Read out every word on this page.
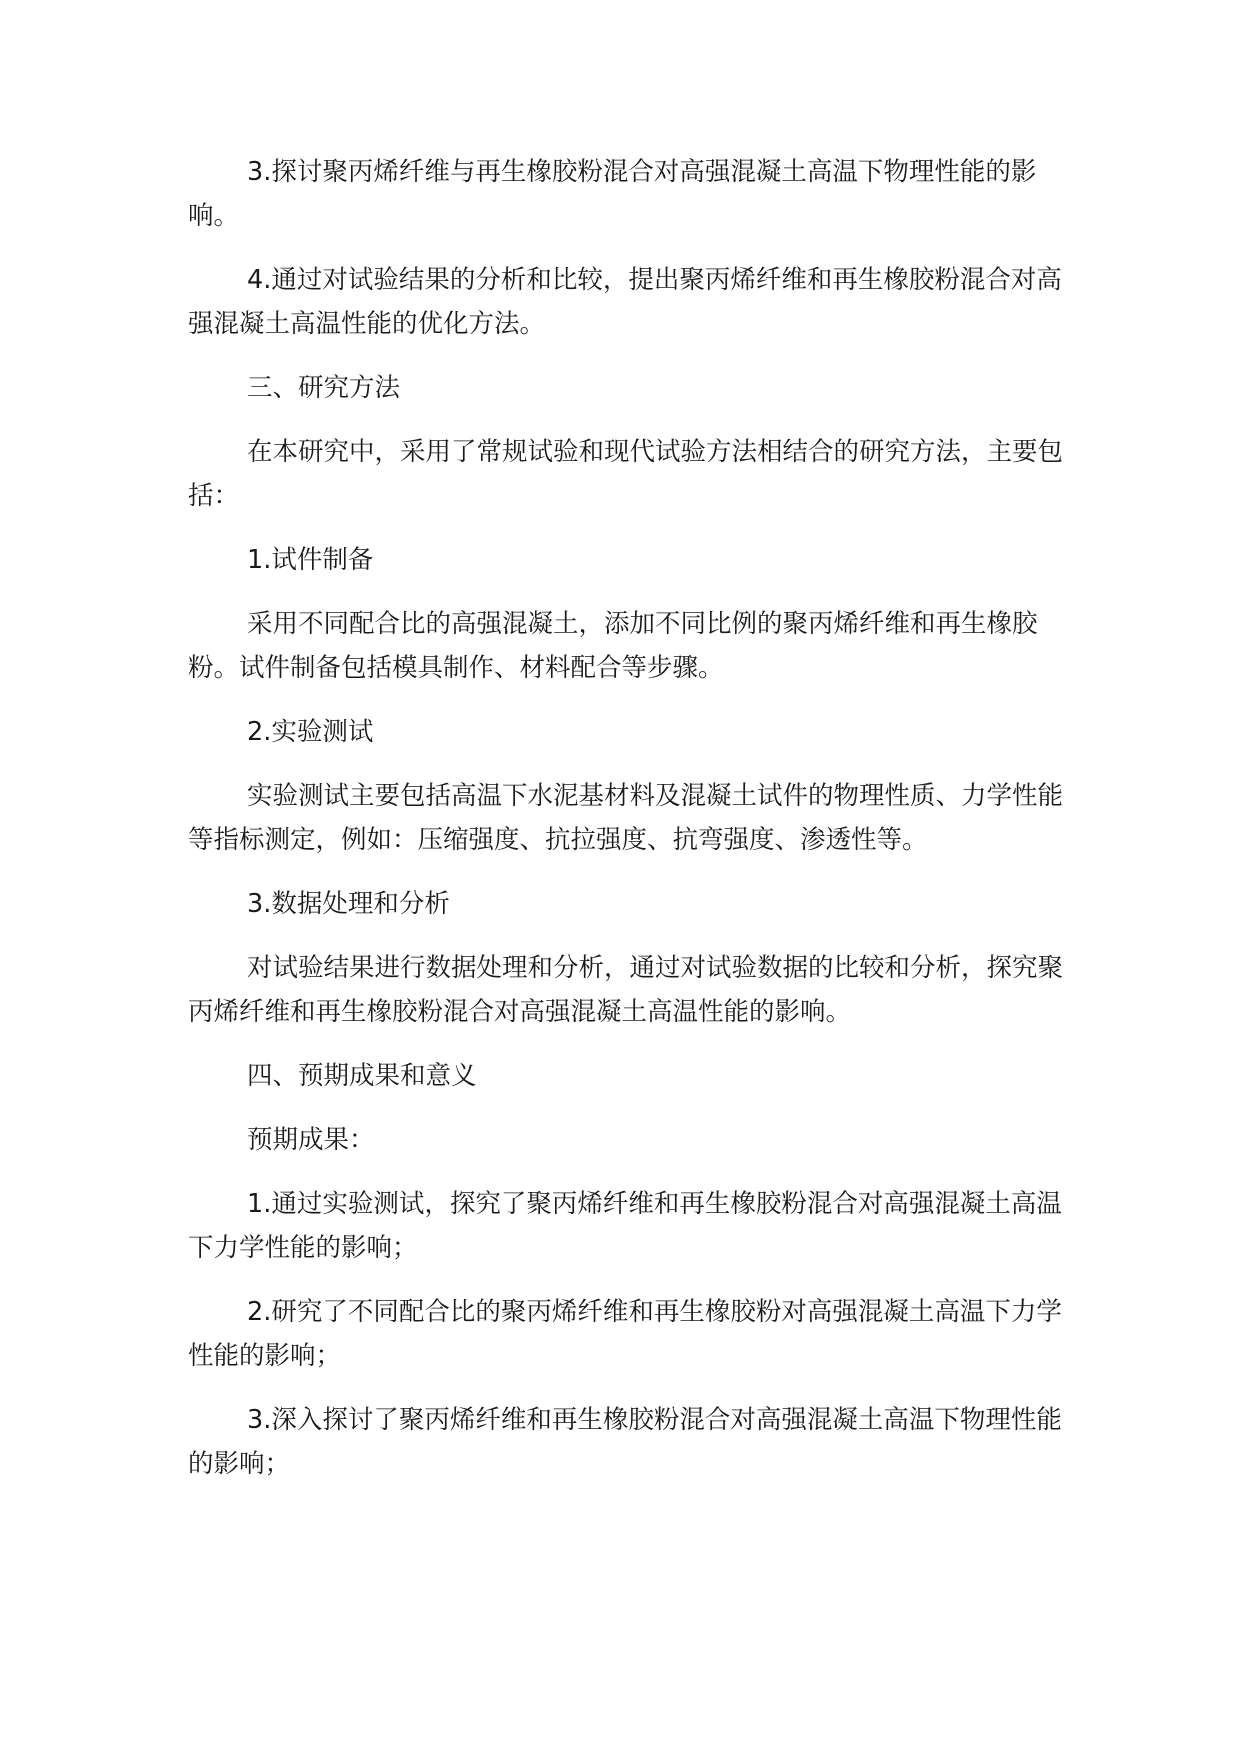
3.探讨聚丙烯纤维与再生橡胶粉混合对高强混凝土高温下物理性能的影响。

4.通过对试验结果的分析和比较，提出聚丙烯纤维和再生橡胶粉混合对高强混凝土高温性能的优化方法。

三、研究方法

在本研究中，采用了常规试验和现代试验方法相结合的研究方法，主要包括：

1.试件制备

采用不同配合比的高强混凝土，添加不同比例的聚丙烯纤维和再生橡胶粉。试件制备包括模具制作、材料配合等步骤。

2.实验测试

实验测试主要包括高温下水泥基材料及混凝土试件的物理性质、力学性能等指标测定，例如：压缩强度、抗拉强度、抗弯强度、渗透性等。

3.数据处理和分析

对试验结果进行数据处理和分析，通过对试验数据的比较和分析，探究聚丙烯纤维和再生橡胶粉混合对高强混凝土高温性能的影响。

四、预期成果和意义

预期成果：

1.通过实验测试，探究了聚丙烯纤维和再生橡胶粉混合对高强混凝土高温下力学性能的影响；

2.研究了不同配合比的聚丙烯纤维和再生橡胶粉对高强混凝土高温下力学性能的影响；

3.深入探讨了聚丙烯纤维和再生橡胶粉混合对高强混凝土高温下物理性能的影响；
